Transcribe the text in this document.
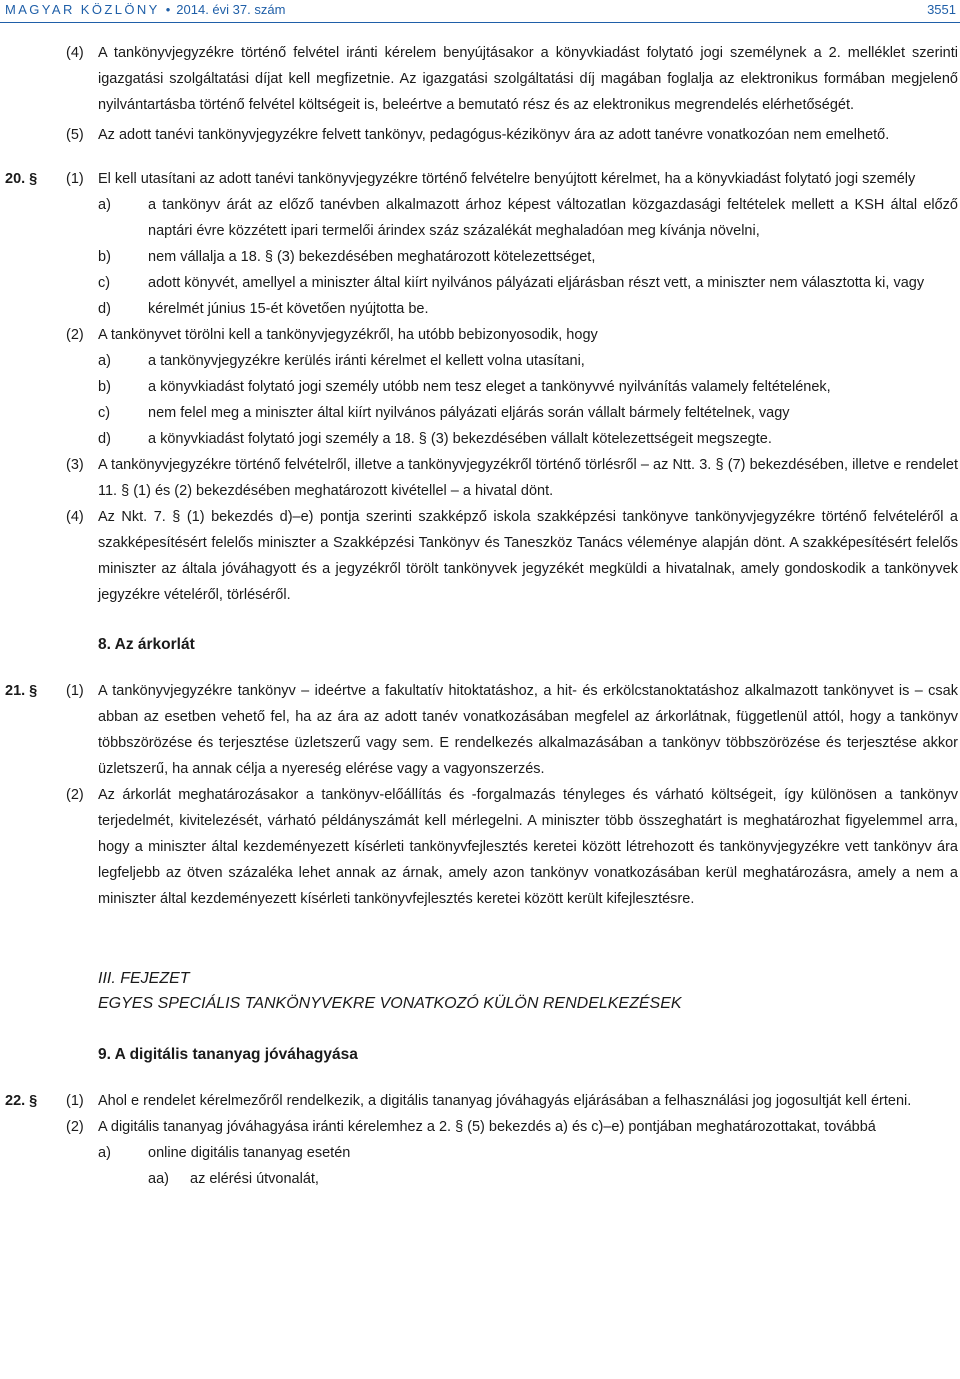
MAGYAR KÖZLÖNY • 2014. évi 37. szám	3551
(4) A tankönyvjegyzékre történő felvétel iránti kérelem benyújtásakor a könyvkiadást folytató jogi személynek a 2. melléklet szerinti igazgatási szolgáltatási díjat kell megfizetnie. Az igazgatási szolgáltatási díj magában foglalja az elektronikus formában megjelenő nyilvántartásba történő felvétel költségeit is, beleértve a bemutató rész és az elektronikus megrendelés elérhetőségét.
(5) Az adott tanévi tankönyvjegyzékre felvett tankönyv, pedagógus-kézikönyv ára az adott tanévre vonatkozóan nem emelhető.
20. § (1) El kell utasítani az adott tanévi tankönyvjegyzékre történő felvételre benyújtott kérelmet, ha a könyvkiadást folytató jogi személy
a)	a tankönyv árát az előző tanévben alkalmazott árhoz képest változatlan közgazdasági feltételek mellett a KSH által előző naptári évre közzétett ipari termelői árindex száz százalékát meghaladóan meg kívánja növelni,
b)	nem vállalja a 18. § (3) bekezdésében meghatározott kötelezettséget,
c)	adott könyvét, amellyel a miniszter által kiírt nyilvános pályázati eljárásban részt vett, a miniszter nem választotta ki, vagy
d)	kérelmét június 15-ét követően nyújtotta be.
(2) A tankönyvet törölni kell a tankönyvjegyzékről, ha utóbb bebizonyosodik, hogy
a)	a tankönyvjegyzékre kerülés iránti kérelmet el kellett volna utasítani,
b)	a könyvkiadást folytató jogi személy utóbb nem tesz eleget a tankönyvvé nyilvánítás valamely feltételének,
c)	nem felel meg a miniszter által kiírt nyilvános pályázati eljárás során vállalt bármely feltételnek, vagy
d)	a könyvkiadást folytató jogi személy a 18. § (3) bekezdésében vállalt kötelezettségeit megszegte.
(3) A tankönyvjegyzékre történő felvételről, illetve a tankönyvjegyzékről történő törlésről – az Ntt. 3. § (7) bekezdésében, illetve e rendelet 11. § (1) és (2) bekezdésében meghatározott kivétellel – a hivatal dönt.
(4) Az Nkt. 7. § (1) bekezdés d)–e) pontja szerinti szakképző iskola szakképzési tankönyve tankönyvjegyzékre történő felvételéről a szakképesítésért felelős miniszter a Szakképzési Tankönyv és Taneszköz Tanács véleménye alapján dönt. A szakképesítésért felelős miniszter az általa jóváhagyott és a jegyzékről törölt tankönyvek jegyzékét megküldi a hivatalnak, amely gondoskodik a tankönyvek jegyzékre vételéről, törléséről.
8. Az árkorlát
21. § (1) A tankönyvjegyzékre tankönyv – ideértve a fakultatív hitoktatáshoz, a hit- és erkölcstanoktatáshoz alkalmazott tankönyvet is – csak abban az esetben vehető fel, ha az ára az adott tanév vonatkozásában megfelel az árkorlátnak, függetlenül attól, hogy a tankönyv többszörözése és terjesztése üzletszerű vagy sem. E rendelkezés alkalmazásában a tankönyv többszörözése és terjesztése akkor üzletszerű, ha annak célja a nyereség elérése vagy a vagyonszerzés.
(2) Az árkorlát meghatározásakor a tankönyv-előállítás és -forgalmazás tényleges és várható költségeit, így különösen a tankönyv terjedelmét, kivitelezését, várható példányszámát kell mérlegelni. A miniszter több összeghatárt is meghatározhat figyelemmel arra, hogy a miniszter által kezdeményezett kísérleti tankönyvfejlesztés keretei között létrehozott és tankönyvjegyzékre vett tankönyv ára legfeljebb az ötven százaléka lehet annak az árnak, amely azon tankönyv vonatkozásában kerül meghatározásra, amely a nem a miniszter által kezdeményezett kísérleti tankönyvfejlesztés keretei között került kifejlesztésre.
III. FEJEZET
EGYES SPECIÁLIS TANKÖNYVEKRE VONATKOZÓ KÜLÖN RENDELKEZÉSEK
9. A digitális tananyag jóváhagyása
22. § (1) Ahol e rendelet kérelmezőről rendelkezik, a digitális tananyag jóváhagyás eljárásában a felhasználási jog jogosultját kell érteni.
(2) A digitális tananyag jóváhagyása iránti kérelemhez a 2. § (5) bekezdés a) és c)–e) pontjában meghatározottakat, továbbá
a)	online digitális tananyag esetén
aa) az elérési útvonalát,
